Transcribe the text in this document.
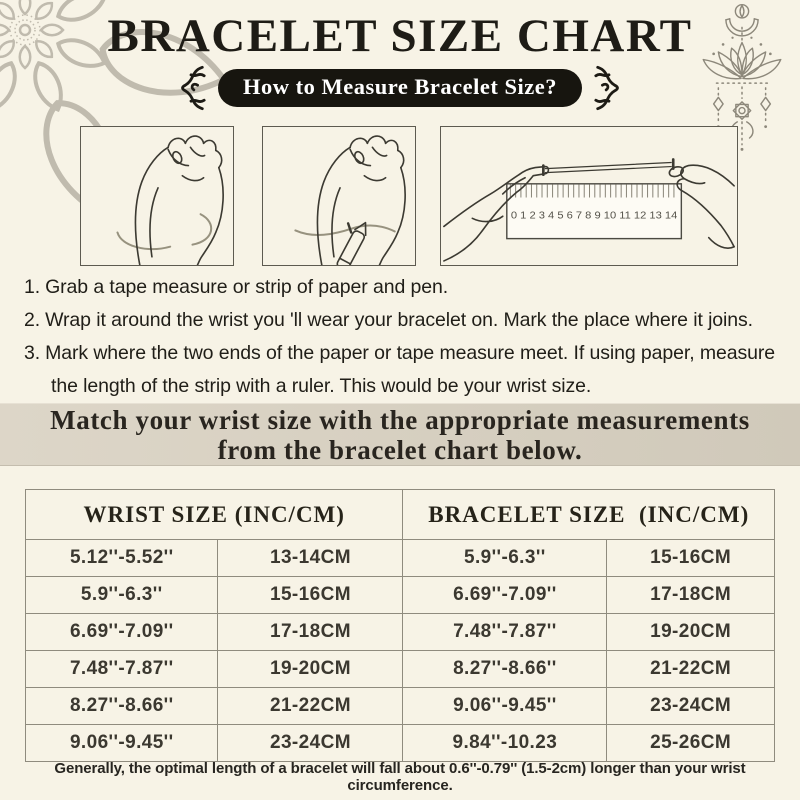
BRACELET SIZE CHART
How to Measure Bracelet Size?
0 1 2 3 4 5 6 7 8 9 10 11 12 13 14

1. Grab a tape measure or strip of paper and pen.

2. Wrap it around the wrist you 'll wear your bracelet on. Mark the place where it joins.

3. Mark where the two ends of the paper or tape measure meet. If using paper, measure the length of the strip with a ruler. This would be your wrist size.

Match your wrist size with the appropriate measurements
from the bracelet chart below.
WRIST SIZE (INC/CM)		BRACELET SIZE  (INC/CM)	
5.12''-5.52''	13-14CM	5.9''-6.3''	15-16CM
5.9''-6.3''	15-16CM	6.69''-7.09''	17-18CM
6.69''-7.09''	17-18CM	7.48''-7.87''	19-20CM
7.48''-7.87''	19-20CM	8.27''-8.66''	21-22CM
8.27''-8.66''	21-22CM	9.06''-9.45''	23-24CM
9.06''-9.45''	23-24CM	9.84''-10.23	25-26CM

Generally, the optimal length of a bracelet will fall about 0.6''-0.79'' (1.5-2cm) longer than your wrist circumference.
